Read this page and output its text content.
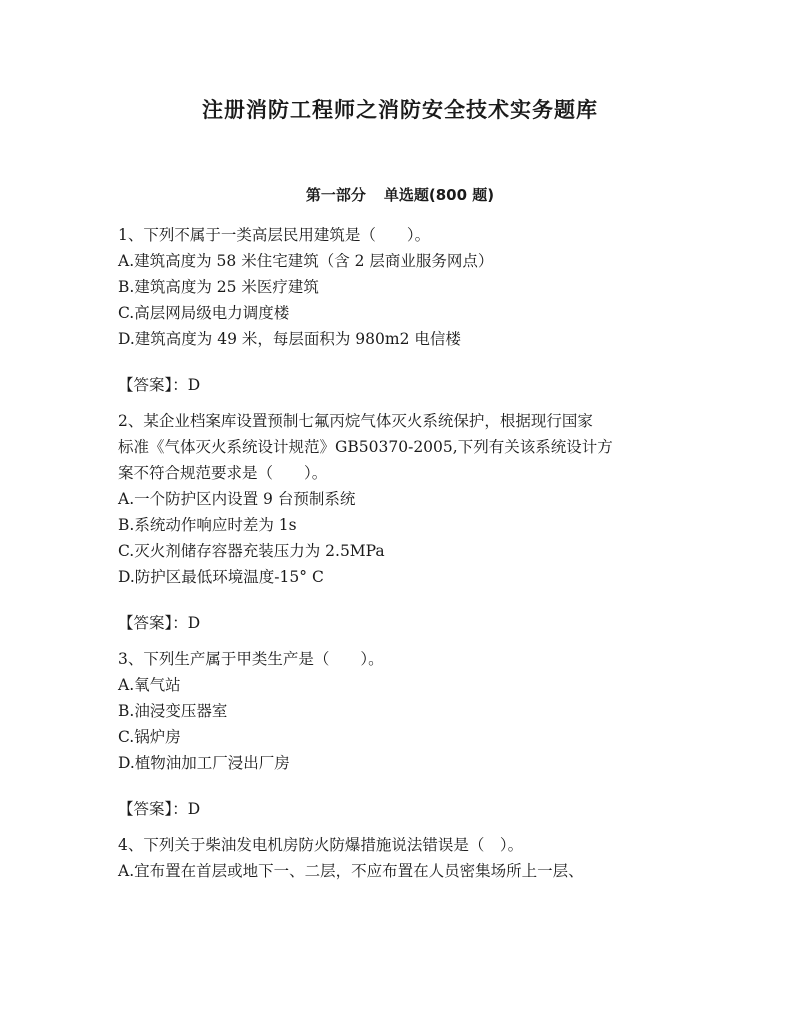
注册消防工程师之消防安全技术实务题库
第一部分 单选题(800 题)

1、下列不属于一类高层民用建筑是（　　）。

A.建筑高度为 58 米住宅建筑（含 2 层商业服务网点）

B.建筑高度为 25 米医疗建筑

C.高层网局级电力调度楼

D.建筑高度为 49 米，每层面积为 980m2 电信楼

【答案】：D

2、某企业档案库设置预制七氟丙烷气体灭火系统保护，根据现行国家

标准《气体灭火系统设计规范》GB50370-2005,下列有关该系统设计方

案不符合规范要求是（　　）。

A.一个防护区内设置 9 台预制系统

B.系统动作响应时差为 1s

C.灭火剂储存容器充装压力为 2.5MPa

D.防护区最低环境温度-15° C

【答案】：D

3、下列生产属于甲类生产是（　　）。

A.氧气站

B.油浸变压器室

C.锅炉房

D.植物油加工厂浸出厂房

【答案】：D

4、下列关于柴油发电机房防火防爆措施说法错误是（　）。

A.宜布置在首层或地下一、二层，不应布置在人员密集场所上一层、
